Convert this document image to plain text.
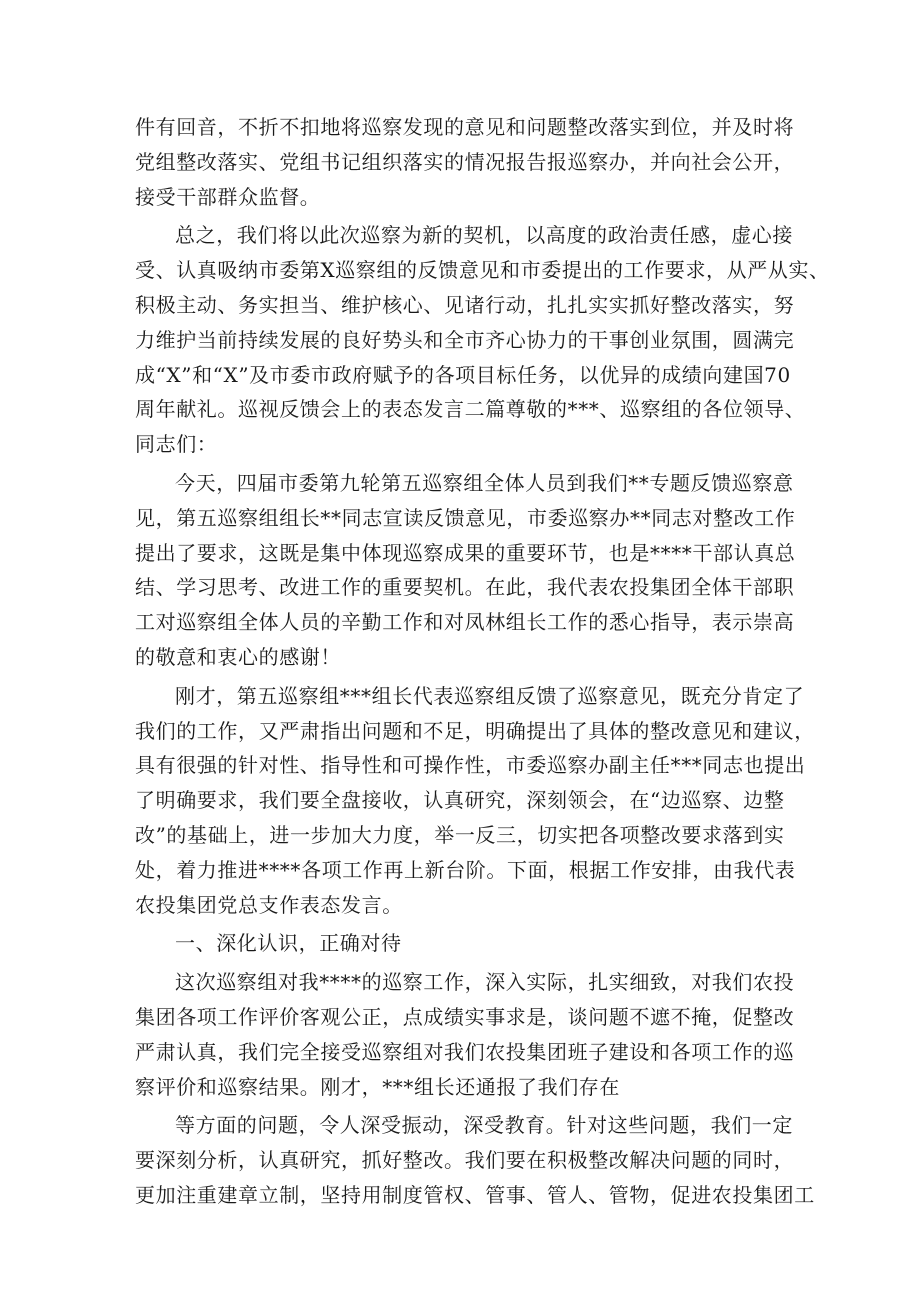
件有回音，不折不扣地将巡察发现的意见和问题整改落实到位，并及时将
党组整改落实、党组书记组织落实的情况报告报巡察办，并向社会公开，
接受干部群众监督。
总之，我们将以此次巡察为新的契机，以高度的政治责任感，虚心接
受、认真吸纳市委第X巡察组的反馈意见和市委提出的工作要求，从严从实、
积极主动、务实担当、维护核心、见诸行动，扎扎实实抓好整改落实，努
力维护当前持续发展的良好势头和全市齐心协力的干事创业氛围，圆满完
成“X”和“X”及市委市政府赋予的各项目标任务，以优异的成绩向建国70
周年献礼。巡视反馈会上的表态发言二篇尊敬的***、巡察组的各位领导、
同志们：
今天，四届市委第九轮第五巡察组全体人员到我们**专题反馈巡察意
见，第五巡察组组长**同志宣读反馈意见，市委巡察办**同志对整改工作
提出了要求，这既是集中体现巡察成果的重要环节，也是****干部认真总
结、学习思考、改进工作的重要契机。在此，我代表农投集团全体干部职
工对巡察组全体人员的辛勤工作和对凤林组长工作的悉心指导，表示崇高
的敬意和衷心的感谢！
刚才，第五巡察组***组长代表巡察组反馈了巡察意见，既充分肯定了
我们的工作，又严肃指出问题和不足，明确提出了具体的整改意见和建议，
具有很强的针对性、指导性和可操作性，市委巡察办副主任***同志也提出
了明确要求，我们要全盘接收，认真研究，深刻领会，在“边巡察、边整
改”的基础上，进一步加大力度，举一反三，切实把各项整改要求落到实
处，着力推进****各项工作再上新台阶。下面，根据工作安排，由我代表
农投集团党总支作表态发言。
一、深化认识，正确对待
这次巡察组对我****的巡察工作，深入实际，扎实细致，对我们农投
集团各项工作评价客观公正，点成绩实事求是，谈问题不遮不掩，促整改
严肃认真，我们完全接受巡察组对我们农投集团班子建设和各项工作的巡
察评价和巡察结果。刚才，***组长还通报了我们存在
等方面的问题，令人深受振动，深受教育。针对这些问题，我们一定
要深刻分析，认真研究，抓好整改。我们要在积极整改解决问题的同时，
更加注重建章立制，坚持用制度管权、管事、管人、管物，促进农投集团工
